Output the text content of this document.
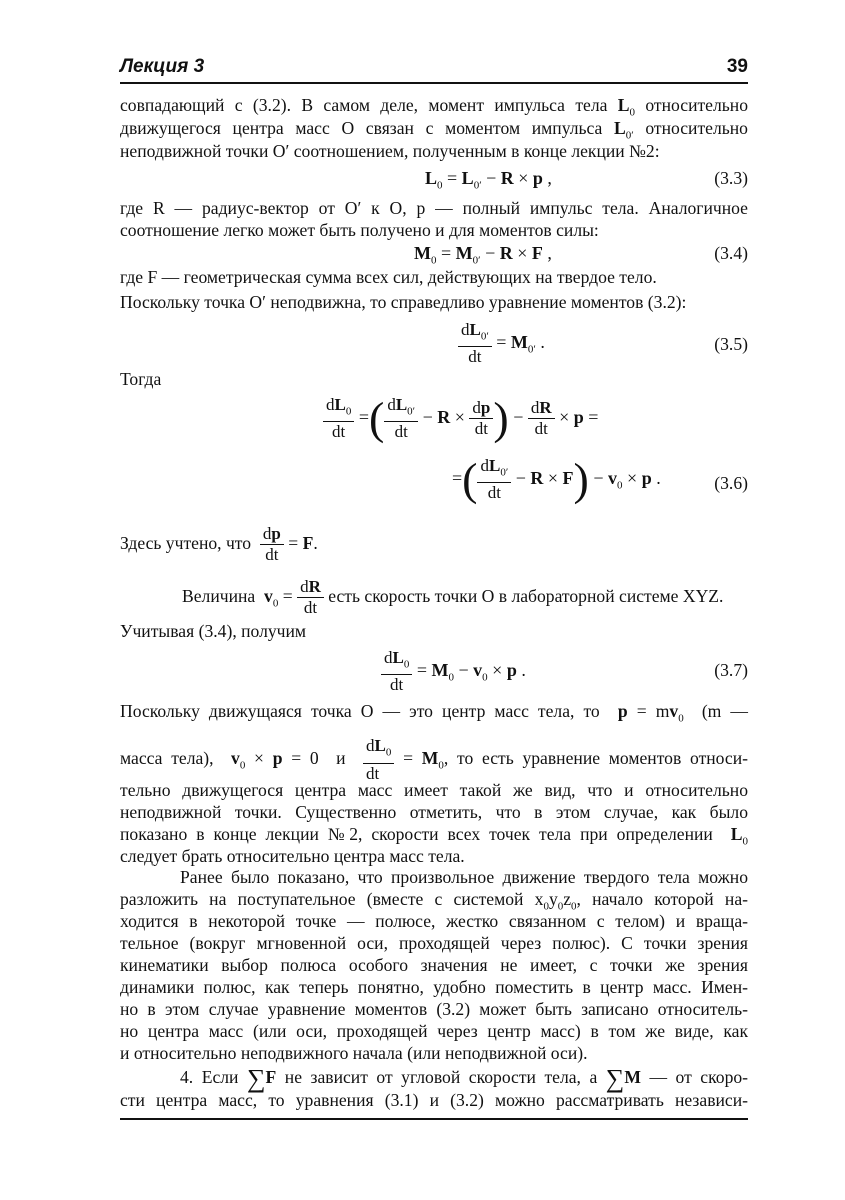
Лекция 3	39
совпадающий с (3.2). В самом деле, момент импульса тела $L_0$ относительно
движущегося центра масс О связан с моментом импульса $L_{0'}$ относительно
неподвижной точки О′ соотношением, полученным в конце лекции №2:
$L_0 = L_{0'} - R \times p$ ,	(3.3)
где R — радиус-вектор от О′ к О, p — полный импульс тела. Аналогичное
соотношение легко может быть получено и для моментов силы:
$M_0 = M_{0'} - R \times F$ ,	(3.4)
где F — геометрическая сумма всех сил, действующих на твердое тело.
Поскольку точка О′ неподвижна, то справедливо уравнение моментов (3.2):
$\frac{dL_{0'}}{dt} = M_{0'}$ .	(3.5)
Тогда
$\frac{dL_0}{dt}$ =( $\frac{dL_{0'}}{dt} - R \times \frac{dp}{dt}$ ) − $\frac{dR}{dt} \times p$ =
=( $\frac{dL_{0'}}{dt} - R \times F) - v_0 \times p$ .	(3.6)
Здесь учтено, что $\frac{dp}{dt} = F$.
Величина $v_0 = \frac{dR}{dt}$ есть скорость точки О в лабораторной системе XYZ.
Учитывая (3.4), получим
$\frac{dL_0}{dt} = M_0 - v_0 \times p$ .	(3.7)
Поскольку движущаяся точка О — это центр масс тела, то $p = mv_0$ (m —
масса тела), $v_0 \times p = 0$  и $\frac{dL_0}{dt} = M_0$, то есть уравнение моментов относи-
тельно движущегося центра масс имеет такой же вид, что и относительно
неподвижной точки. Существенно отметить, что в этом случае, как было
показано в конце лекции №2, скорости всех точек тела при определении $L_0$
следует брать относительно центра масс тела.
Ранее было показано, что произвольное движение твердого тела можно
разложить на поступательное (вместе с системой $x_0y_0z_0$, начало которой на-
ходится в некоторой точке — полюсе, жестко связанном с телом) и враща-
тельное (вокруг мгновенной оси, проходящей через полюс). С точки зрения
кинематики выбор полюса особого значения не имеет, с точки же зрения
динамики полюс, как теперь понятно, удобно поместить в центр масс. Имен-
но в этом случае уравнение моментов (3.2) может быть записано относитель-
но центра масс (или оси, проходящей через центр масс) в том же виде, как
и относительно неподвижного начала (или неподвижной оси).
4. Если ∑F не зависит от угловой скорости тела, а ∑M — от скоро-
сти центра масс, то уравнения (3.1) и (3.2) можно рассматривать независи-
